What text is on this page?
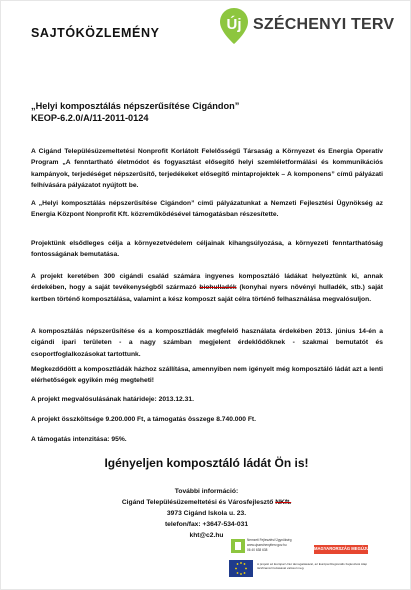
SAJTÓKÖZLEMÉNY	Új SZÉCHENYI TERV
„Helyi komposztálás népszerűsítése Cigándon”
KEOP-6.2.0/A/11-2011-0124
A Cigánd Településüzemeltetési Nonprofit Korlátolt Felelősségű Társaság a Környezet és Energia Operatív Program „A fenntartható életmódot és fogyasztást elősegítő helyi szemléletformálási és kommunikációs kampányok, terjedéséget népszerűsítő, terjedékeket elősegítő mintaprojektek – A komponens” című pályázati felhívására pályázatot nyújtott be.
A „Helyi komposztálás népszerűsítése Cigándon” című pályázatunkat a Nemzeti Fejlesztési Ügynökség az Energia Központ Nonprofit Kft. közreműködésével támogatásban részesítette.
Projektünk elsődleges célja a környezetvédelem céljainak kihangsúlyozása, a környezeti fenntarthatóság fontosságának bemutatása.
A projekt keretében 300 cigándi család számára ingyenes komposztáló ládákat helyeztünk ki, annak érdekében, hogy a saját tevékenységből származó biohulladék (konyhai nyers növényi hulladék, stb.) saját kertben történő komposztálása, valamint a kész komposzt saját célra történő felhasználása megvalósuljon.
A komposztálás népszerűsítése és a komposztládák megfelelő használata érdekében 2013. június 14-én a cigándi ipari területen - a nagy számban megjelent érdeklődőknek - szakmai bemutatót és csoportfoglalkozásokat tartottunk.
Megkezdődött a komposztládák házhoz szállítása, amennyiben nem igényelt még komposztáló ládát azt a lenti elérhetőségek egyikén még megteheti!
A projekt megvalósulásának határideje: 2013.12.31.
A projekt összköltsége 9.200.000 Ft, a támogatás összege 8.740.000 Ft.
A támogatás intenzitása: 95%.
Igényeljen komposztáló ládát Ön is!
További információ:
Cigánd Településüzemeltetési és Városfejlesztő NKft.
3973 Cigánd Iskola u. 23.
telefon/fax: +3647-534-031
kht@c2.hu
Nemzeti Fejlesztési Ügynökség
www.ujszechenyiterv.gov.hu
06 40 638 638	MAGYARORSZÁG MEGÚJUL
A projekt az Európai Unió támogatásával, az Európai Regionális Fejlesztési Alap társfinanszírozásával valósul meg.
